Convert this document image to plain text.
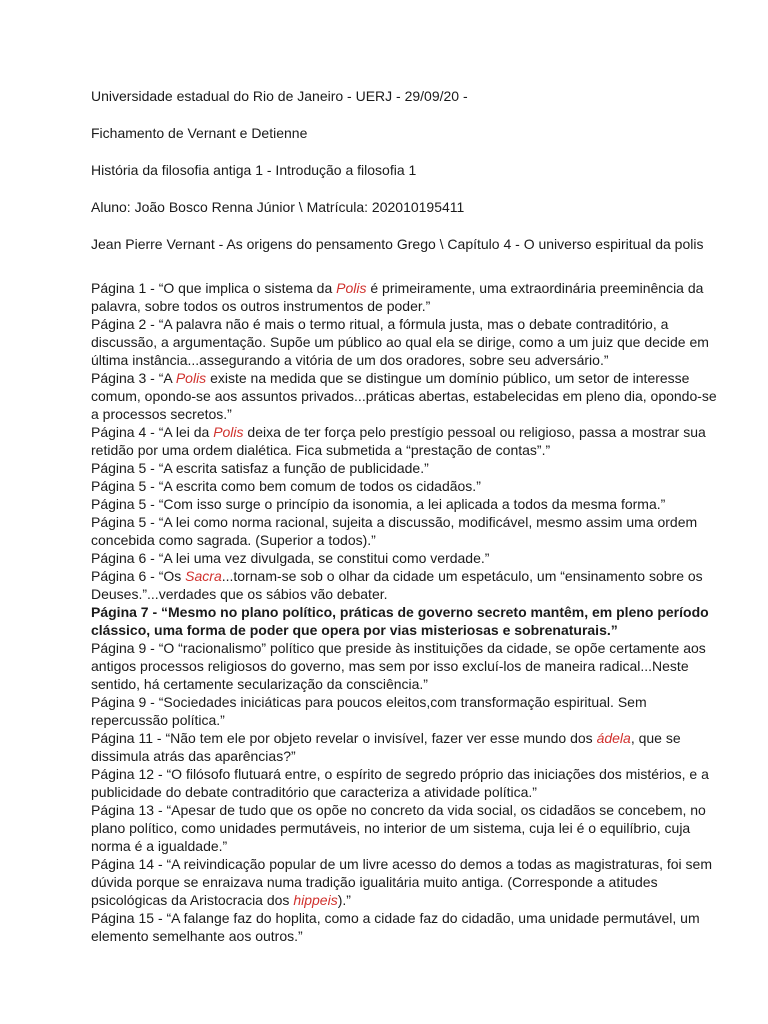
Universidade estadual do Rio de Janeiro - UERJ - 29/09/20 -

Fichamento de Vernant e Detienne

História da filosofia antiga 1 - Introdução a filosofia 1

Aluno: João Bosco Renna Júnior \ Matrícula: 202010195411

Jean Pierre Vernant - As origens do pensamento Grego \ Capítulo 4 - O universo espiritual da polis

Página 1 - “O que implica o sistema da Polis é primeiramente, uma extraordinária preeminência da palavra, sobre todos os outros instrumentos de poder.”

Página 2 - “A palavra não é mais o termo ritual, a fórmula justa, mas o debate contraditório, a discussão, a argumentação. Supõe um público ao qual ela se dirige, como a um juiz que decide em última instância...assegurando a vitória de um dos oradores, sobre seu adversário.”

Página 3 - “A Polis existe na medida que se distingue um domínio público, um setor de interesse comum, opondo-se aos assuntos privados...práticas abertas, estabelecidas em pleno dia, opondo-se a processos secretos.”

Página 4 - “A lei da Polis deixa de ter força pelo prestígio pessoal ou religioso, passa a mostrar sua retidão por uma ordem dialética. Fica submetida a “prestação de contas”.”

Página 5 - “A escrita satisfaz a função de publicidade.”

Página 5 - “A escrita como bem comum de todos os cidadãos.”

Página 5 - “Com isso surge o princípio da isonomia, a lei aplicada a todos da mesma forma.”

Página 5 - “A lei como norma racional, sujeita a discussão, modificável, mesmo assim uma ordem concebida como sagrada. (Superior a todos).”

Página 6 - “A lei uma vez divulgada, se constitui como verdade.”

Página 6 - “Os Sacra...tornam-se sob o olhar da cidade um espetáculo, um “ensinamento sobre os Deuses.”...verdades que os sábios vão debater.

Página 7 - “Mesmo no plano político, práticas de governo secreto mantêm, em pleno período clássico, uma forma de poder que opera por vias misteriosas e sobrenaturais.”

Página 9 - “O “racionalismo” político que preside às instituições da cidade, se opõe certamente aos antigos processos religiosos do governo, mas sem por isso excluí-los de maneira radical...Neste sentido, há certamente secularização da consciência.”

Página 9 - “Sociedades iniciáticas para poucos eleitos,com transformação espiritual. Sem repercussão política.”

Página 11 - “Não tem ele por objeto revelar o invisível, fazer ver esse mundo dos ádela, que se dissimula atrás das aparências?”

Página 12 - “O filósofo flutuará entre, o espírito de segredo próprio das iniciações dos mistérios, e a publicidade do debate contraditório que caracteriza a atividade política.”

Página 13 - “Apesar de tudo que os opõe no concreto da vida social, os cidadãos se concebem, no plano político, como unidades permutáveis, no interior de um sistema, cuja lei é o equilíbrio, cuja norma é a igualdade.”

Página 14 - “A reivindicação popular de um livre acesso do demos a todas as magistraturas, foi sem dúvida porque se enraizava numa tradição igualitária muito antiga. (Corresponde a atitudes psicológicas da Aristocracia dos hippeis).”

Página 15 - “A falange faz do hoplita, como a cidade faz do cidadão, uma unidade permutável, um elemento semelhante aos outros.”
